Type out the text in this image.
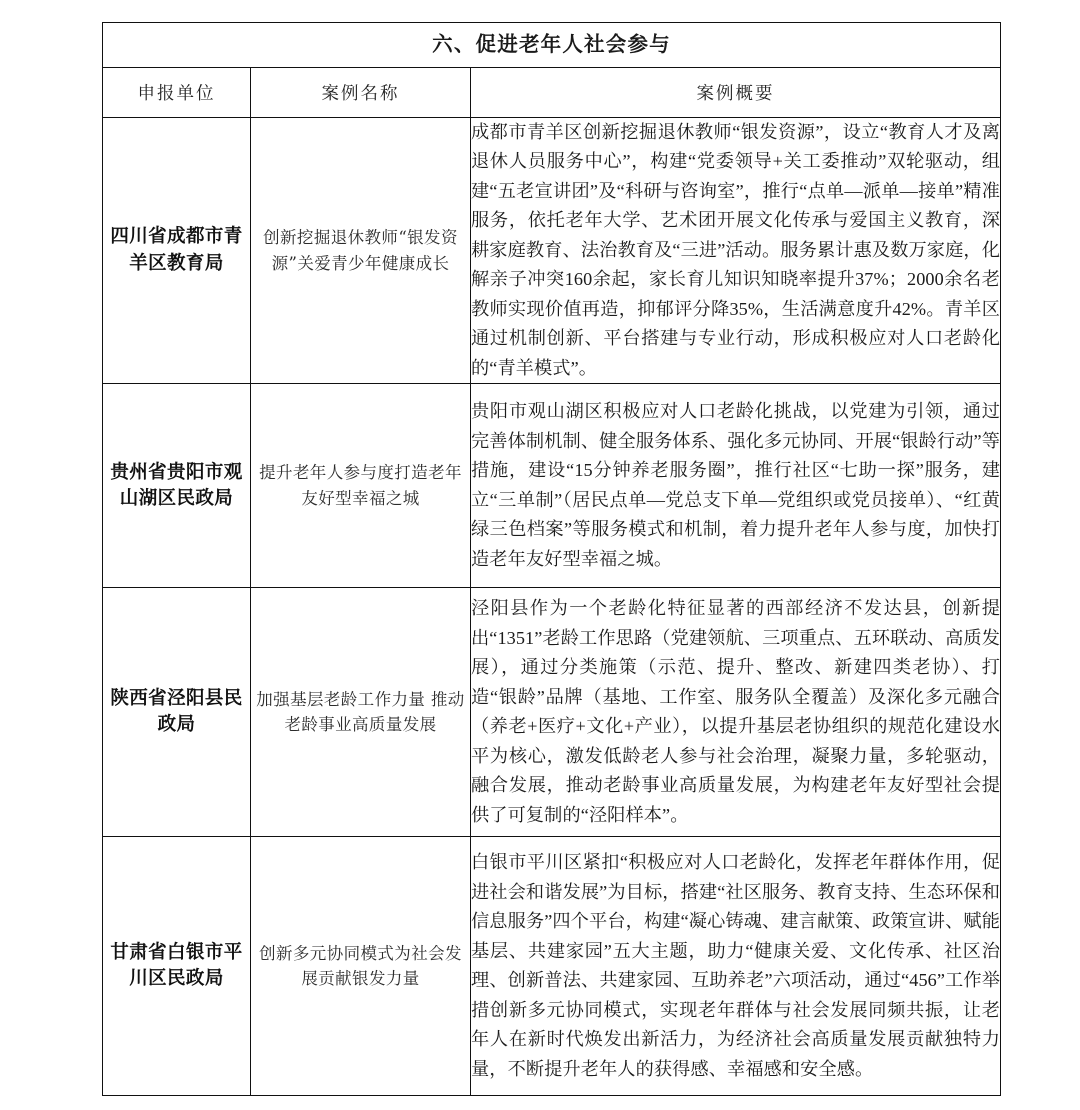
六、促进老年人社会参与		

申报单位	案例名称	案例概要

四川省成都市青羊区教育局	创新挖掘退休教师“银发资源”关爱青少年健康成长	成都市青羊区创新挖掘退休教师“银发资源”，设立“教育人才及离退休人员服务中心”，构建“党委领导+关工委推动”双轮驱动，组建“五老宣讲团”及“科研与咨询室”，推行“点单—派单—接单”精准服务，依托老年大学、艺术团开展文化传承与爱国主义教育，深耕家庭教育、法治教育及“三进”活动。服务累计惠及数万家庭，化解亲子冲突160余起，家长育儿知识知晓率提升37%；2000余名老教师实现价值再造，抑郁评分降35%，生活满意度升42%。青羊区通过机制创新、平台搭建与专业行动，形成积极应对人口老龄化的“青羊模式”。

贵州省贵阳市观山湖区民政局	提升老年人参与度打造老年友好型幸福之城	贵阳市观山湖区积极应对人口老龄化挑战，以党建为引领，通过完善体制机制、健全服务体系、强化多元协同、开展“银龄行动”等措施，建设“15分钟养老服务圈”，推行社区“七助一探”服务，建立“三单制”（居民点单—党总支下单—党组织或党员接单）、“红黄绿三色档案”等服务模式和机制，着力提升老年人参与度，加快打造老年友好型幸福之城。

陕西省泾阳县民政局	加强基层老龄工作力量 推动老龄事业高质量发展	泾阳县作为一个老龄化特征显著的西部经济不发达县，创新提出“1351”老龄工作思路（党建领航、三项重点、五环联动、高质发展），通过分类施策（示范、提升、整改、新建四类老协）、打造“银龄”品牌（基地、工作室、服务队全覆盖）及深化多元融合（养老+医疗+文化+产业），以提升基层老协组织的规范化建设水平为核心，激发低龄老人参与社会治理，凝聚力量，多轮驱动，融合发展，推动老龄事业高质量发展，为构建老年友好型社会提供了可复制的“泾阳样本”。

甘肃省白银市平川区民政局	创新多元协同模式为社会发展贡献银发力量	白银市平川区紧扣“积极应对人口老龄化，发挥老年群体作用，促进社会和谐发展”为目标，搭建“社区服务、教育支持、生态环保和信息服务”四个平台，构建“凝心铸魂、建言献策、政策宣讲、赋能基层、共建家园”五大主题，助力“健康关爱、文化传承、社区治理、创新普法、共建家园、互助养老”六项活动，通过“456”工作举措创新多元协同模式，实现老年群体与社会发展同频共振，让老年人在新时代焕发出新活力，为经济社会高质量发展贡献独特力量，不断提升老年人的获得感、幸福感和安全感。
